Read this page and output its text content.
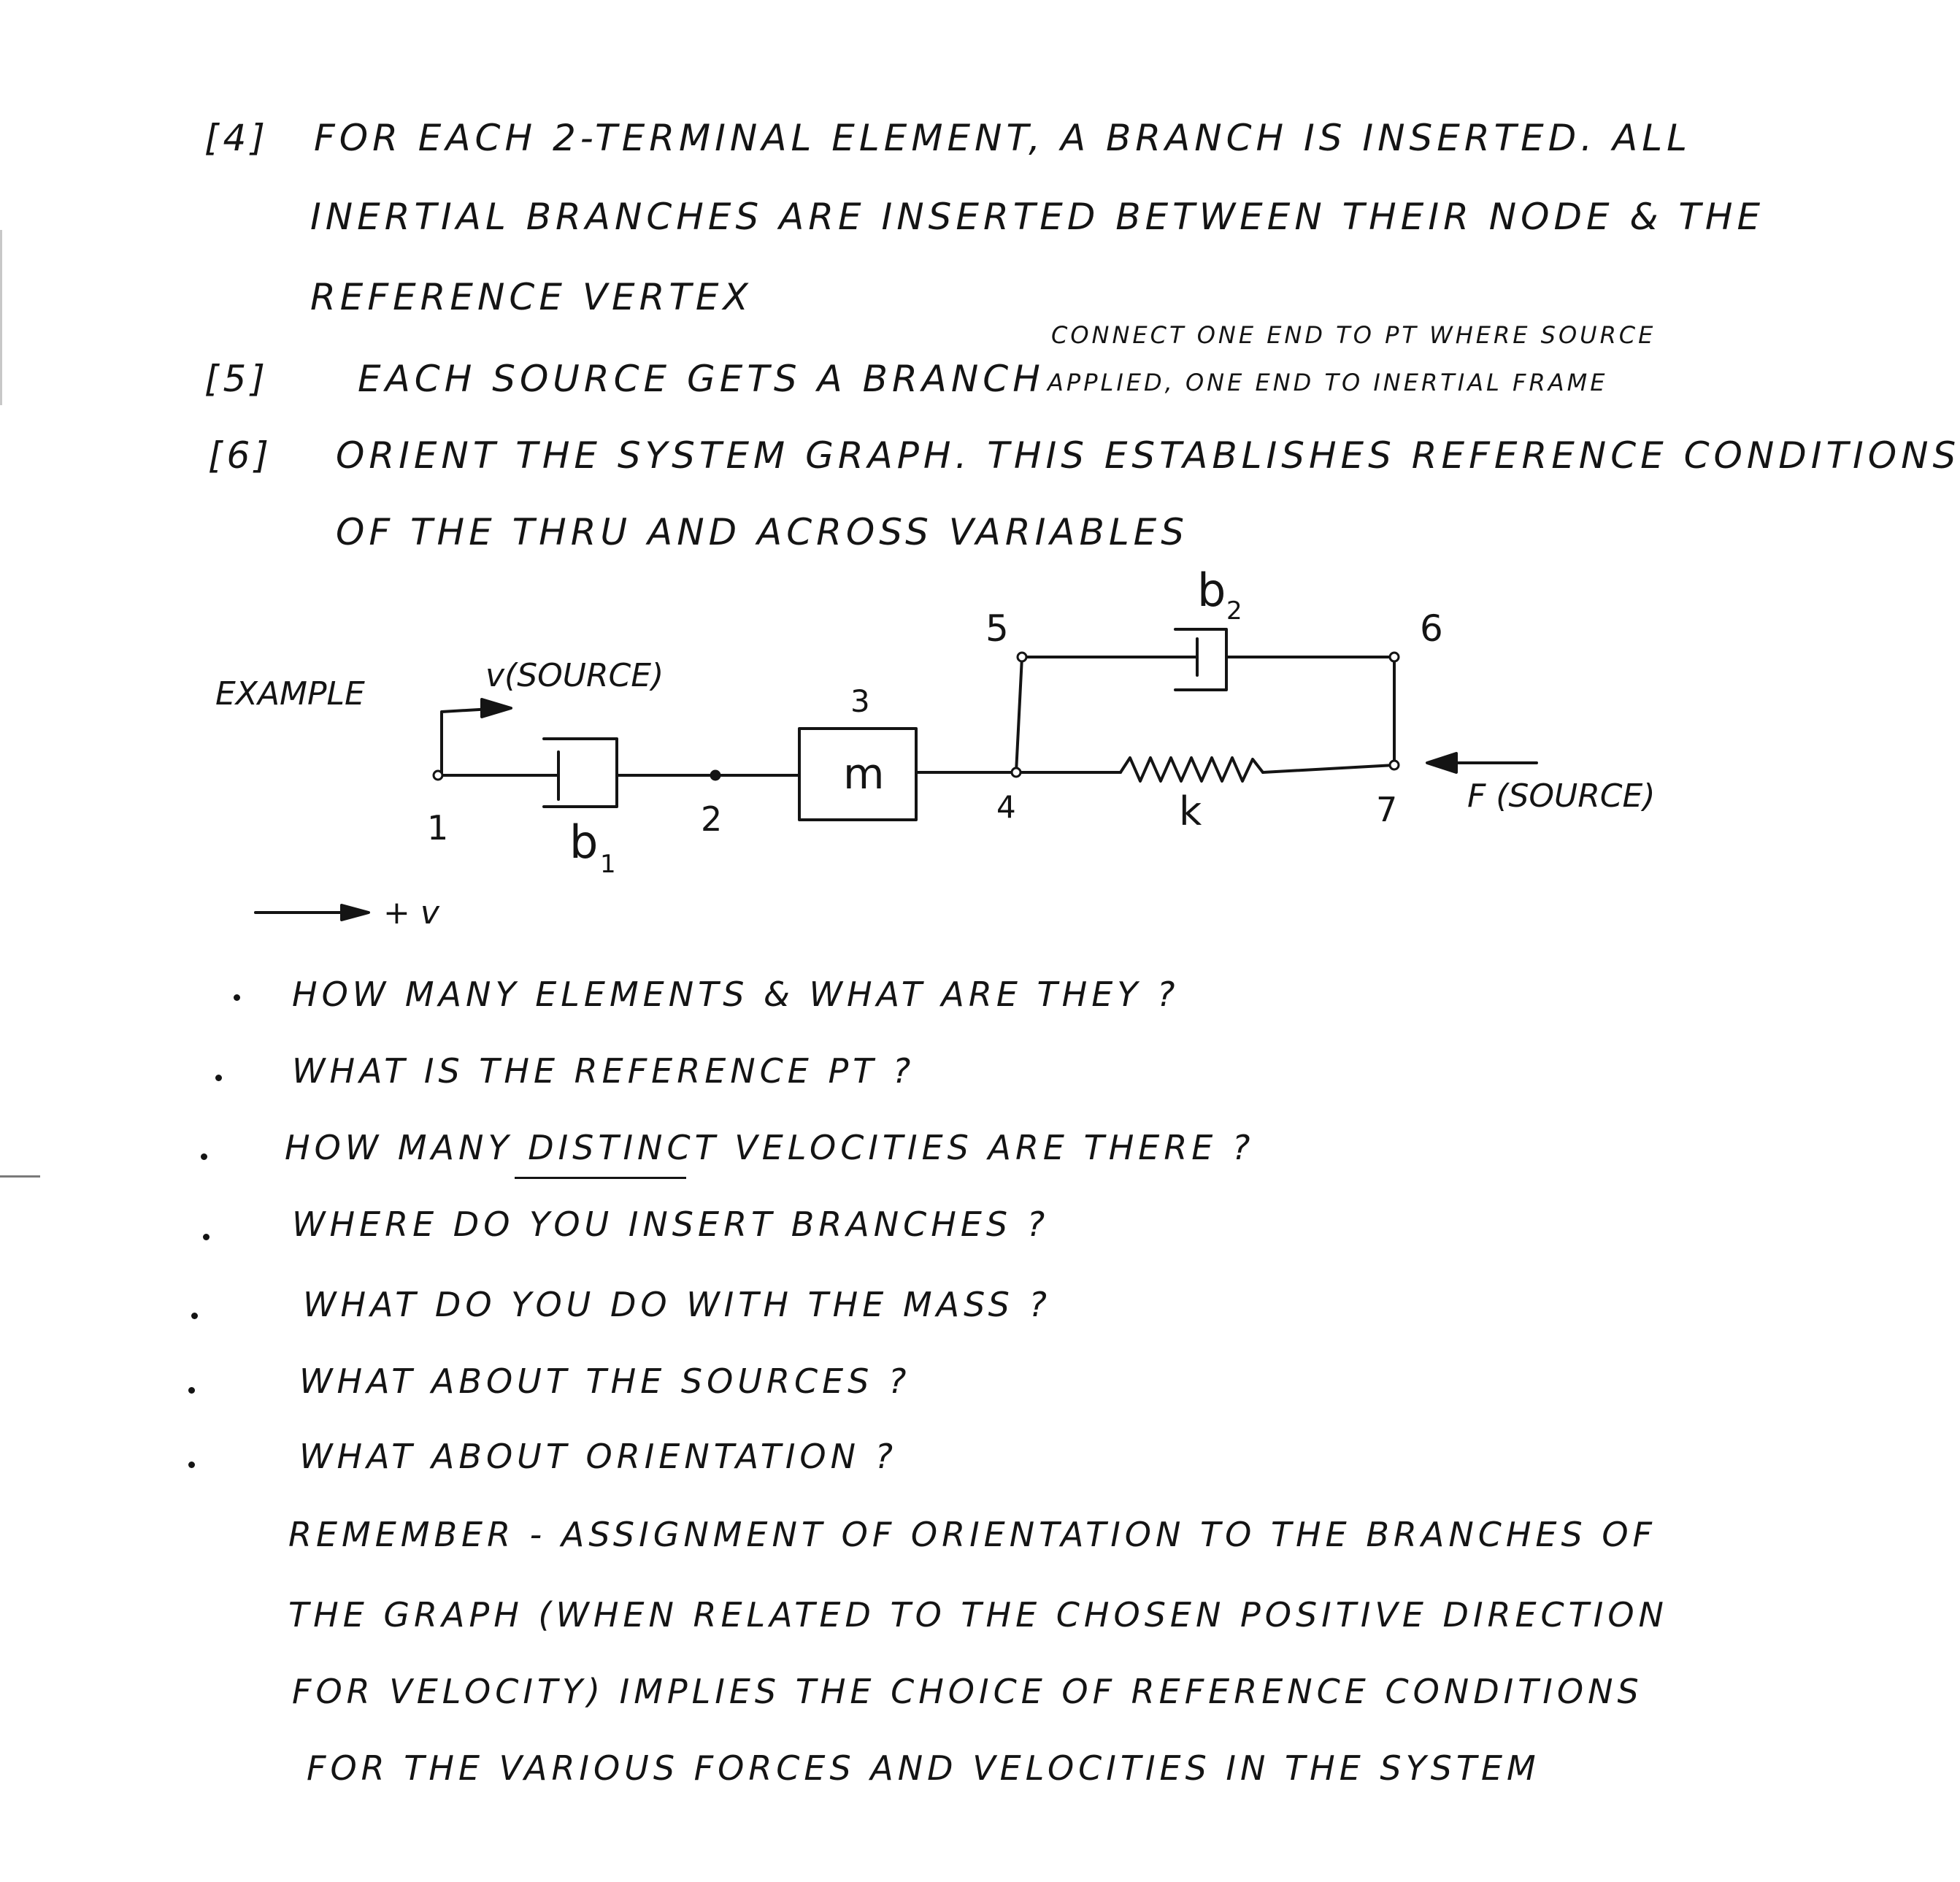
[4] FOR EACH 2-TERMINAL ELEMENT, A BRANCH IS INSERTED. ALL
INERTIAL BRANCHES ARE INSERTED BETWEEN THEIR NODE & THE
REFERENCE VERTEX
[5] EACH SOURCE GETS A BRANCH
CONNECT ONE END TO PT WHERE SOURCE
APPLIED, ONE END TO INERTIAL FRAME
[6] ORIENT THE SYSTEM GRAPH. THIS ESTABLISHES REFERENCE CONDITIONS
OF THE THRU AND ACROSS VARIABLES
EXAMPLE	v(SOURCE)
1	2
3
4
5	6
7
m
k
b 1
b 2
F (SOURCE)
+ v
HOW MANY ELEMENTS & WHAT ARE THEY ?
WHAT IS THE REFERENCE PT ?
HOW MANY DISTINCT VELOCITIES ARE THERE ?
WHERE DO YOU INSERT BRANCHES ?
WHAT DO YOU DO WITH THE MASS ?
WHAT ABOUT THE SOURCES ?
WHAT ABOUT ORIENTATION ?
REMEMBER - ASSIGNMENT OF ORIENTATION TO THE BRANCHES OF
THE GRAPH (WHEN RELATED TO THE CHOSEN POSITIVE DIRECTION
FOR VELOCITY) IMPLIES THE CHOICE OF REFERENCE CONDITIONS
FOR THE VARIOUS FORCES AND VELOCITIES IN THE SYSTEM
